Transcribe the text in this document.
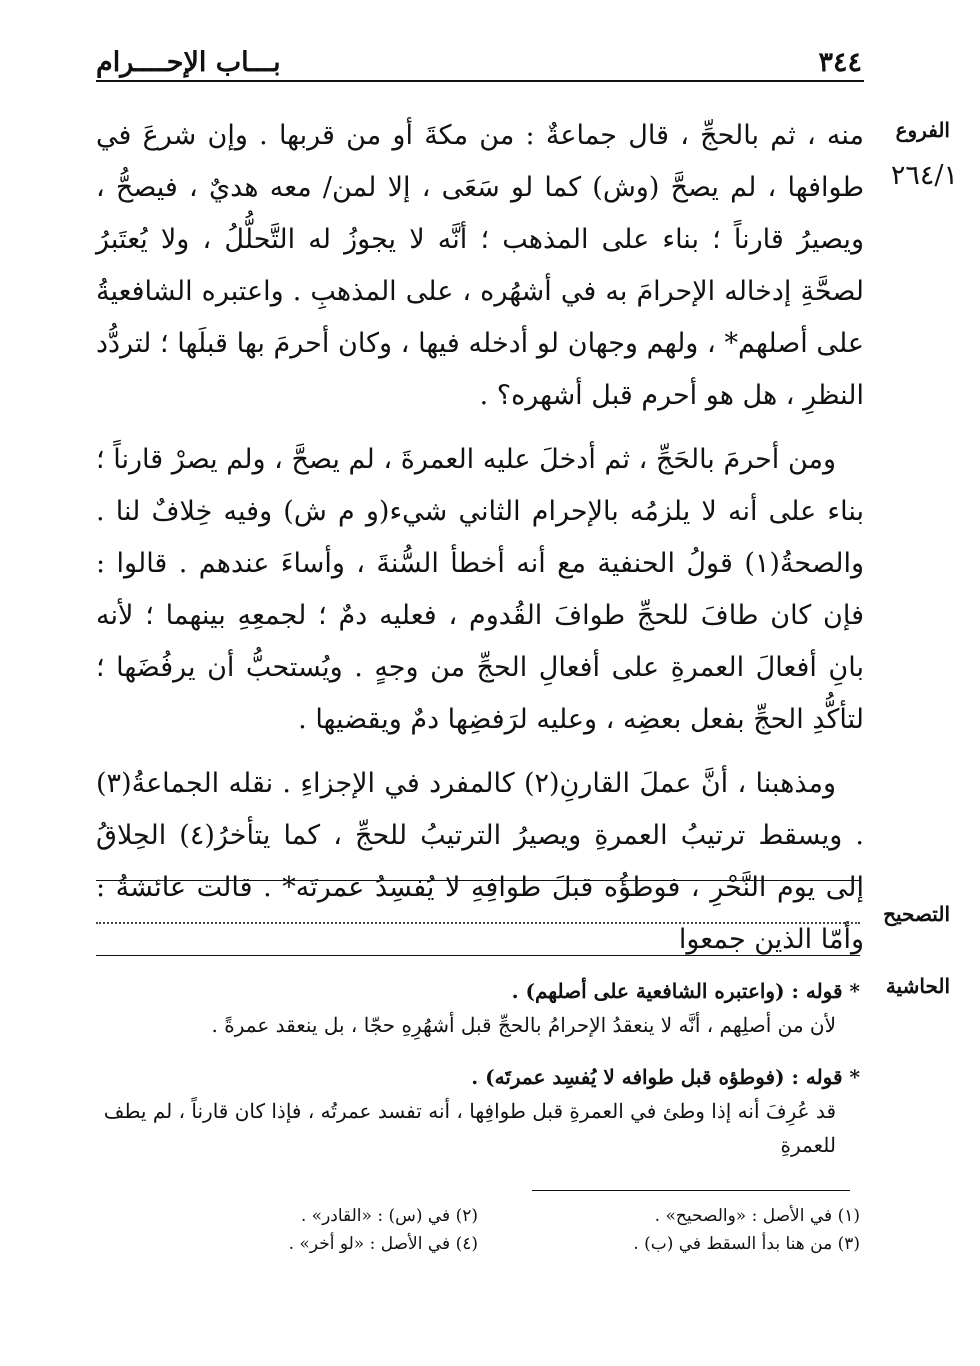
بـــاب الإحــــرام	٣٤٤
الفروع
٢٦٤/١

منه ، ثم بالحجِّ ، قال جماعةٌ : من مكةَ أو من قربها . وإن شرعَ في طوافها ، لم يصحَّ (وش) كما لو سَعَى ، إلا لمن/ معه هديٌ ، فيصحُّ ، ويصيرُ قارناً ؛ بناء على المذهب ؛ أنَّه لا يجوزُ له التَّحلُّلُ ، ولا يُعتَبرُ لصحَّةِ إدخاله الإحرامَ به في أشهُره ، على المذهبِ . واعتبره الشافعيةُ على أصلهم* ، ولهم وجهان لو أدخله فيها ، وكان أحرمَ بها قبلَها ؛ لتردُّد النظرِ ، هل هو أحرم قبل أشهره؟ .

ومن أحرمَ بالحَجِّ ، ثم أدخلَ عليه العمرةَ ، لم يصحَّ ، ولم يصرْ قارناً ؛ بناء على أنه لا يلزمُه بالإحرام الثاني شيء(و م ش) وفيه خِلافٌ لنا . والصحةُ(١) قولُ الحنفية مع أنه أخطأ السُّنةَ ، وأساءَ عندهم . قالوا : فإن كان طافَ للحجِّ طوافَ القُدوم ، فعليه دمٌ ؛ لجمعِهِ بينهما ؛ لأنه بانِ أفعالَ العمرةِ على أفعالِ الحجِّ من وجهٍ . ويُستحبُّ أن يرفُضَها ؛ لتأكُّدِ الحجِّ بفعل بعضِه ، وعليه لرَفضِها دمٌ ويقضيها .

ومذهبنا ، أنَّ عملَ القارنِ(٢) كالمفرد في الإجزاءِ . نقله الجماعةُ(٣) . ويسقط ترتيبُ العمرةِ ويصيرُ الترتيبُ للحجِّ ، كما يتأخرُ(٤) الحِلاقُ إلى يوم النَّحْرِ ، فوطؤُه قبلَ طوافِهِ لا يُفسِدُ عمرتَه* . قالت عائشةُ : وأمّا الذين جمعوا

التصحيح
الحاشية

* قوله : (واعتبره الشافعية على أصلهم) .

لأن من أصلِهم ، أنَّه لا ينعقدُ الإحرامُ بالحجِّ قبل أشهُرِهِ حجّا ، بل ينعقد عمرةً .

* قوله : (فوطؤه قبل طوافه لا يُفسِد عمرتَه) .

قد عُرِفَ أنه إذا وطئ في العمرةِ قبل طوافِها ، أنه تفسد عمرتُه ، فإذا كان قارناً ، لم يطف للعمرةِ

(١) في الأصل : «والصحيح» .
(٢) في (س) : «القادر» .
(٣) من هنا بدأ السقط في (ب) .
(٤) في الأصل : «لو أخر» .
